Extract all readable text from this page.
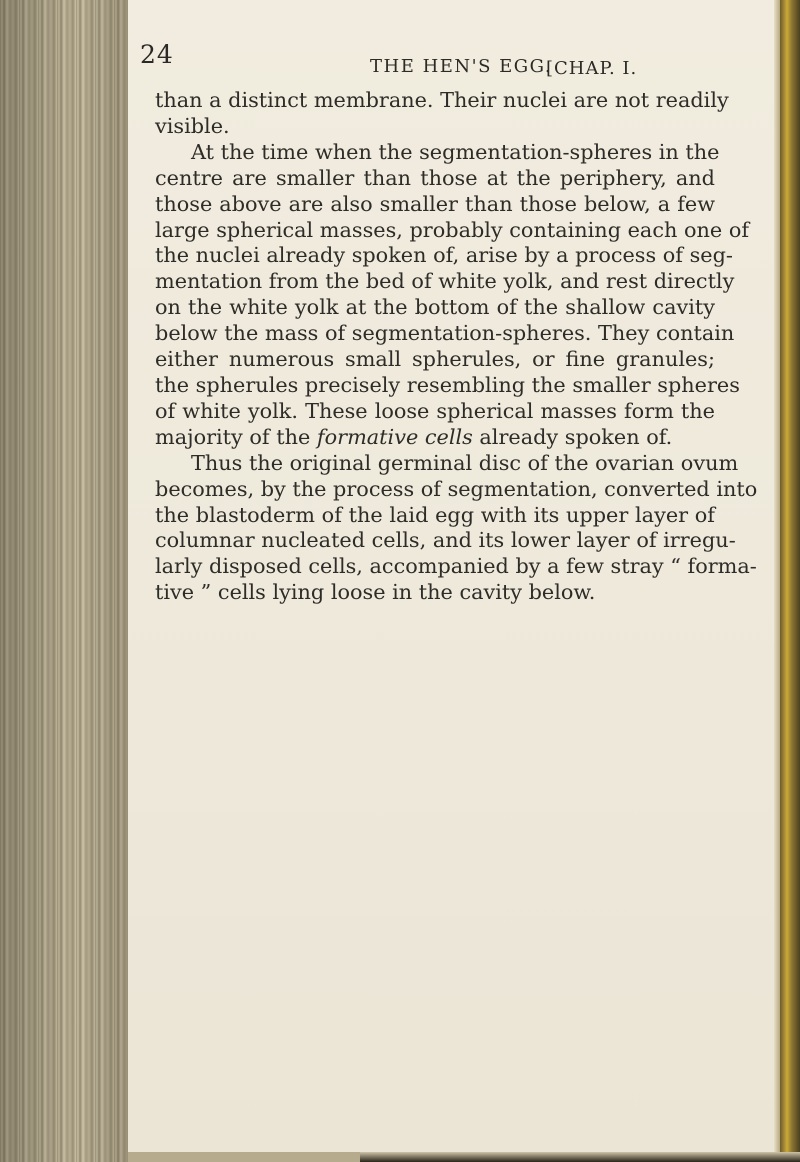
24	THE HEN'S EGG.
[CHAP. I.
than a distinct membrane. Their nuclei are not readily
visible.
At the time when the segmentation-spheres in the
centre are smaller than those at the periphery, and
those above are also smaller than those below, a few
large spherical masses, probably containing each one of
the nuclei already spoken of, arise by a process of seg-
mentation from the bed of white yolk, and rest directly
on the white yolk at the bottom of the shallow cavity
below the mass of segmentation-spheres. They contain
either numerous small spherules, or fine granules;
the spherules precisely resembling the smaller spheres
of white yolk. These loose spherical masses form the
majority of the formative cells already spoken of.
Thus the original germinal disc of the ovarian ovum
becomes, by the process of segmentation, converted into
the blastoderm of the laid egg with its upper layer of
columnar nucleated cells, and its lower layer of irregu-
larly disposed cells, accompanied by a few stray “ forma-
tive ” cells lying loose in the cavity below.
